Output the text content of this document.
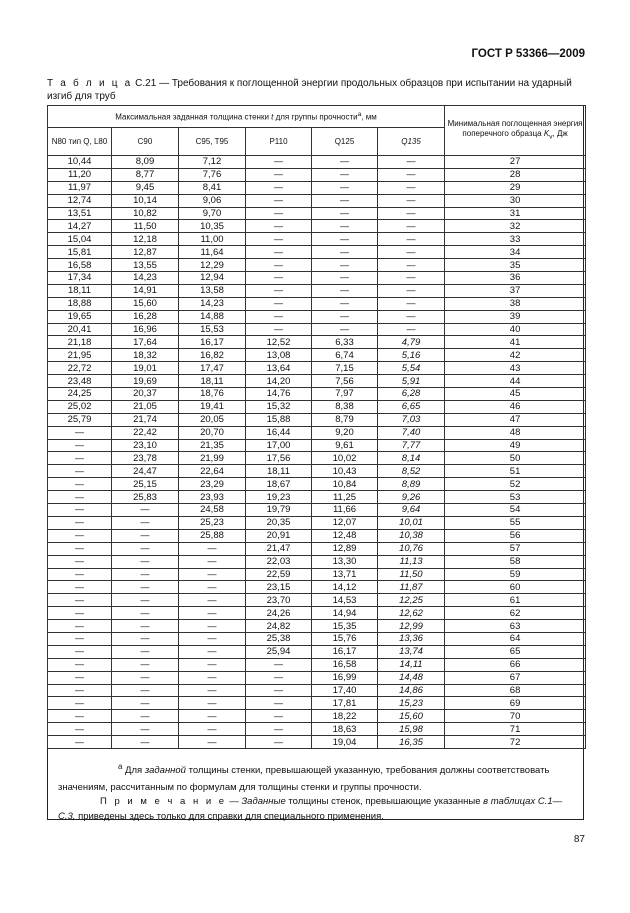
ГОСТ Р 53366—2009
Т а б л и ц а С.21 — Требования к поглощенной энергии продольных образцов при испытании на ударный изгиб для труб
Максимальная заданная толщина стенки t для группы прочности$^а$, мм						Минимальная поглощенная энергия поперечного образца $K_v$, Дж
N80 тип Q, L80	C90	C95, T95	P110	Q125	Q135	
10,44	8,09	7,12	—	—	—	27
11,20	8,77	7,76	—	—	—	28
11,97	9,45	8,41	—	—	—	29
12,74	10,14	9,06	—	—	—	30
13,51	10,82	9,70	—	—	—	31
14,27	11,50	10,35	—	—	—	32
15,04	12,18	11,00	—	—	—	33
15,81	12,87	11,64	—	—	—	34
16,58	13,55	12,29	—	—	—	35
17,34	14,23	12,94	—	—	—	36
18,11	14,91	13,58	—	—	—	37
18,88	15,60	14,23	—	—	—	38
19,65	16,28	14,88	—	—	—	39
20,41	16,96	15,53	—	—	—	40
21,18	17,64	16,17	12,52	6,33	4,79	41
21,95	18,32	16,82	13,08	6,74	5,16	42
22,72	19,01	17,47	13,64	7,15	5,54	43
23,48	19,69	18,11	14,20	7,56	5,91	44
24,25	20,37	18,76	14,76	7,97	6,28	45
25,02	21,05	19,41	15,32	8,38	6,65	46
25,79	21,74	20,05	15,88	8,79	7,03	47
—	22,42	20,70	16,44	9,20	7,40	48
—	23,10	21,35	17,00	9,61	7,77	49
—	23,78	21,99	17,56	10,02	8,14	50
—	24,47	22,64	18,11	10,43	8,52	51
—	25,15	23,29	18,67	10,84	8,89	52
—	25,83	23,93	19,23	11,25	9,26	53
—	—	24,58	19,79	11,66	9,64	54
—	—	25,23	20,35	12,07	10,01	55
—	—	25,88	20,91	12,48	10,38	56
—	—	—	21,47	12,89	10,76	57
—	—	—	22,03	13,30	11,13	58
—	—	—	22,59	13,71	11,50	59
—	—	—	23,15	14,12	11,87	60
—	—	—	23,70	14,53	12,25	61
—	—	—	24,26	14,94	12,62	62
—	—	—	24,82	15,35	12,99	63
—	—	—	25,38	15,76	13,36	64
—	—	—	25,94	16,17	13,74	65
—	—	—	—	16,58	14,11	66
—	—	—	—	16,99	14,48	67
—	—	—	—	17,40	14,86	68
—	—	—	—	17,81	15,23	69
—	—	—	—	18,22	15,60	70
—	—	—	—	18,63	15,98	71
—	—	—	—	19,04	16,35	72
$^а$ Для заданной толщины стенки, превышающей указанную, требования должны соответствовать значениям, рассчитанным по формулам для толщины стенки и группы прочности.
П р и м е ч а н и е — Заданные толщины стенок, превышающие указанные в таблицах С.1—С.3, приведены здесь только для справки для специального применения.
87
